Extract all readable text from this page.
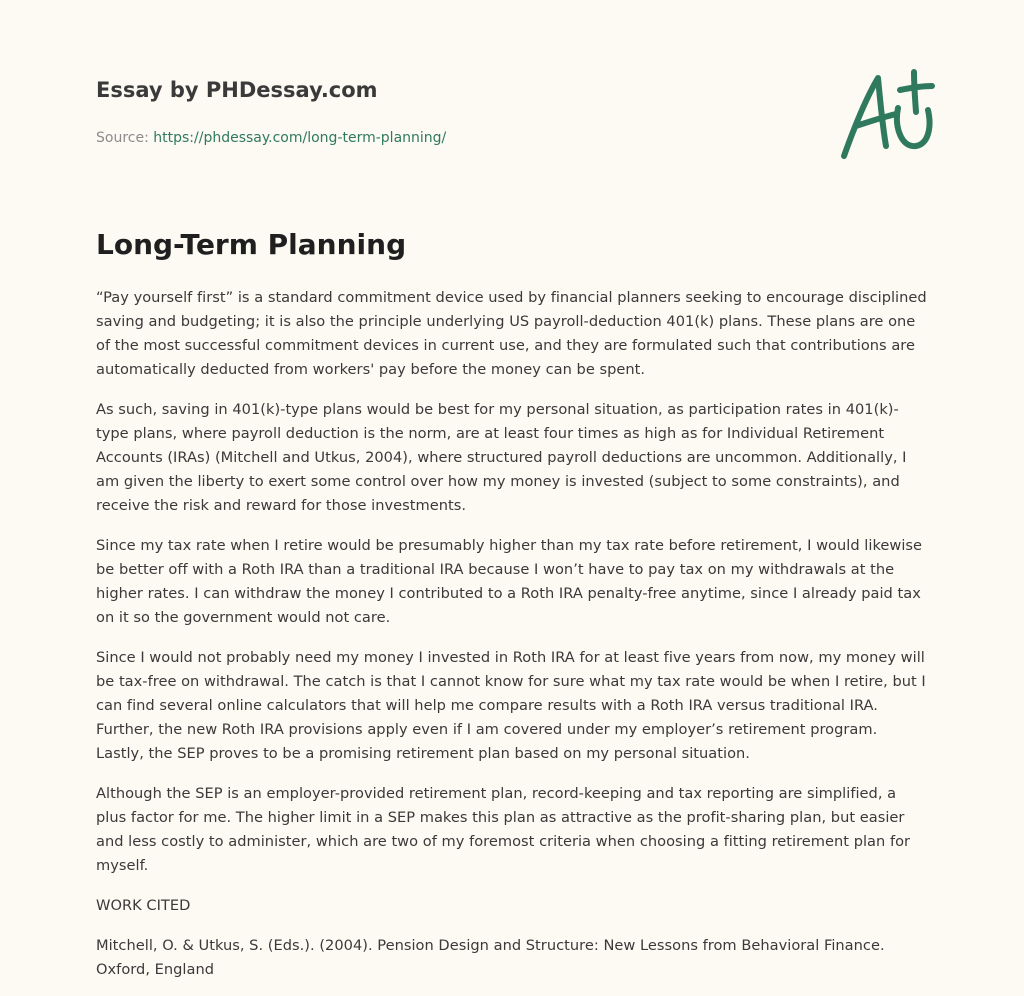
Essay by PHDessay.com
Source: https://phdessay.com/long-term-planning/
Long-Term Planning

“Pay yourself first” is a standard commitment device used by financial planners seeking to encourage disciplined saving and budgeting; it is also the principle underlying US payroll-deduction 401(k) plans. These plans are one of the most successful commitment devices in current use, and they are formulated such that contributions are automatically deducted from workers' pay before the money can be spent.

As such, saving in 401(k)-type plans would be best for my personal situation, as participation rates in 401(k)-type plans, where payroll deduction is the norm, are at least four times as high as for Individual Retirement Accounts (IRAs) (Mitchell and Utkus, 2004), where structured payroll deductions are uncommon. Additionally, I am given the liberty to exert some control over how my money is invested (subject to some constraints), and receive the risk and reward for those investments.

Since my tax rate when I retire would be presumably higher than my tax rate before retirement, I would likewise be better off with a Roth IRA than a traditional IRA because I won’t have to pay tax on my withdrawals at the higher rates. I can withdraw the money I contributed to a Roth IRA penalty-free anytime, since I already paid tax on it so the government would not care.

Since I would not probably need my money I invested in Roth IRA for at least five years from now, my money will be tax-free on withdrawal. The catch is that I cannot know for sure what my tax rate would be when I retire, but I can find several online calculators that will help me compare results with a Roth IRA versus traditional IRA. Further, the new Roth IRA provisions apply even if I am covered under my employer’s retirement program. Lastly, the SEP proves to be a promising retirement plan based on my personal situation.

Although the SEP is an employer-provided retirement plan, record-keeping and tax reporting are simplified, a plus factor for me. The higher limit in a SEP makes this plan as attractive as the profit-sharing plan, but easier and less costly to administer, which are two of my foremost criteria when choosing a fitting retirement plan for myself.

WORK CITED

Mitchell, O. & Utkus, S. (Eds.). (2004). Pension Design and Structure: New Lessons from Behavioral Finance. Oxford, England
